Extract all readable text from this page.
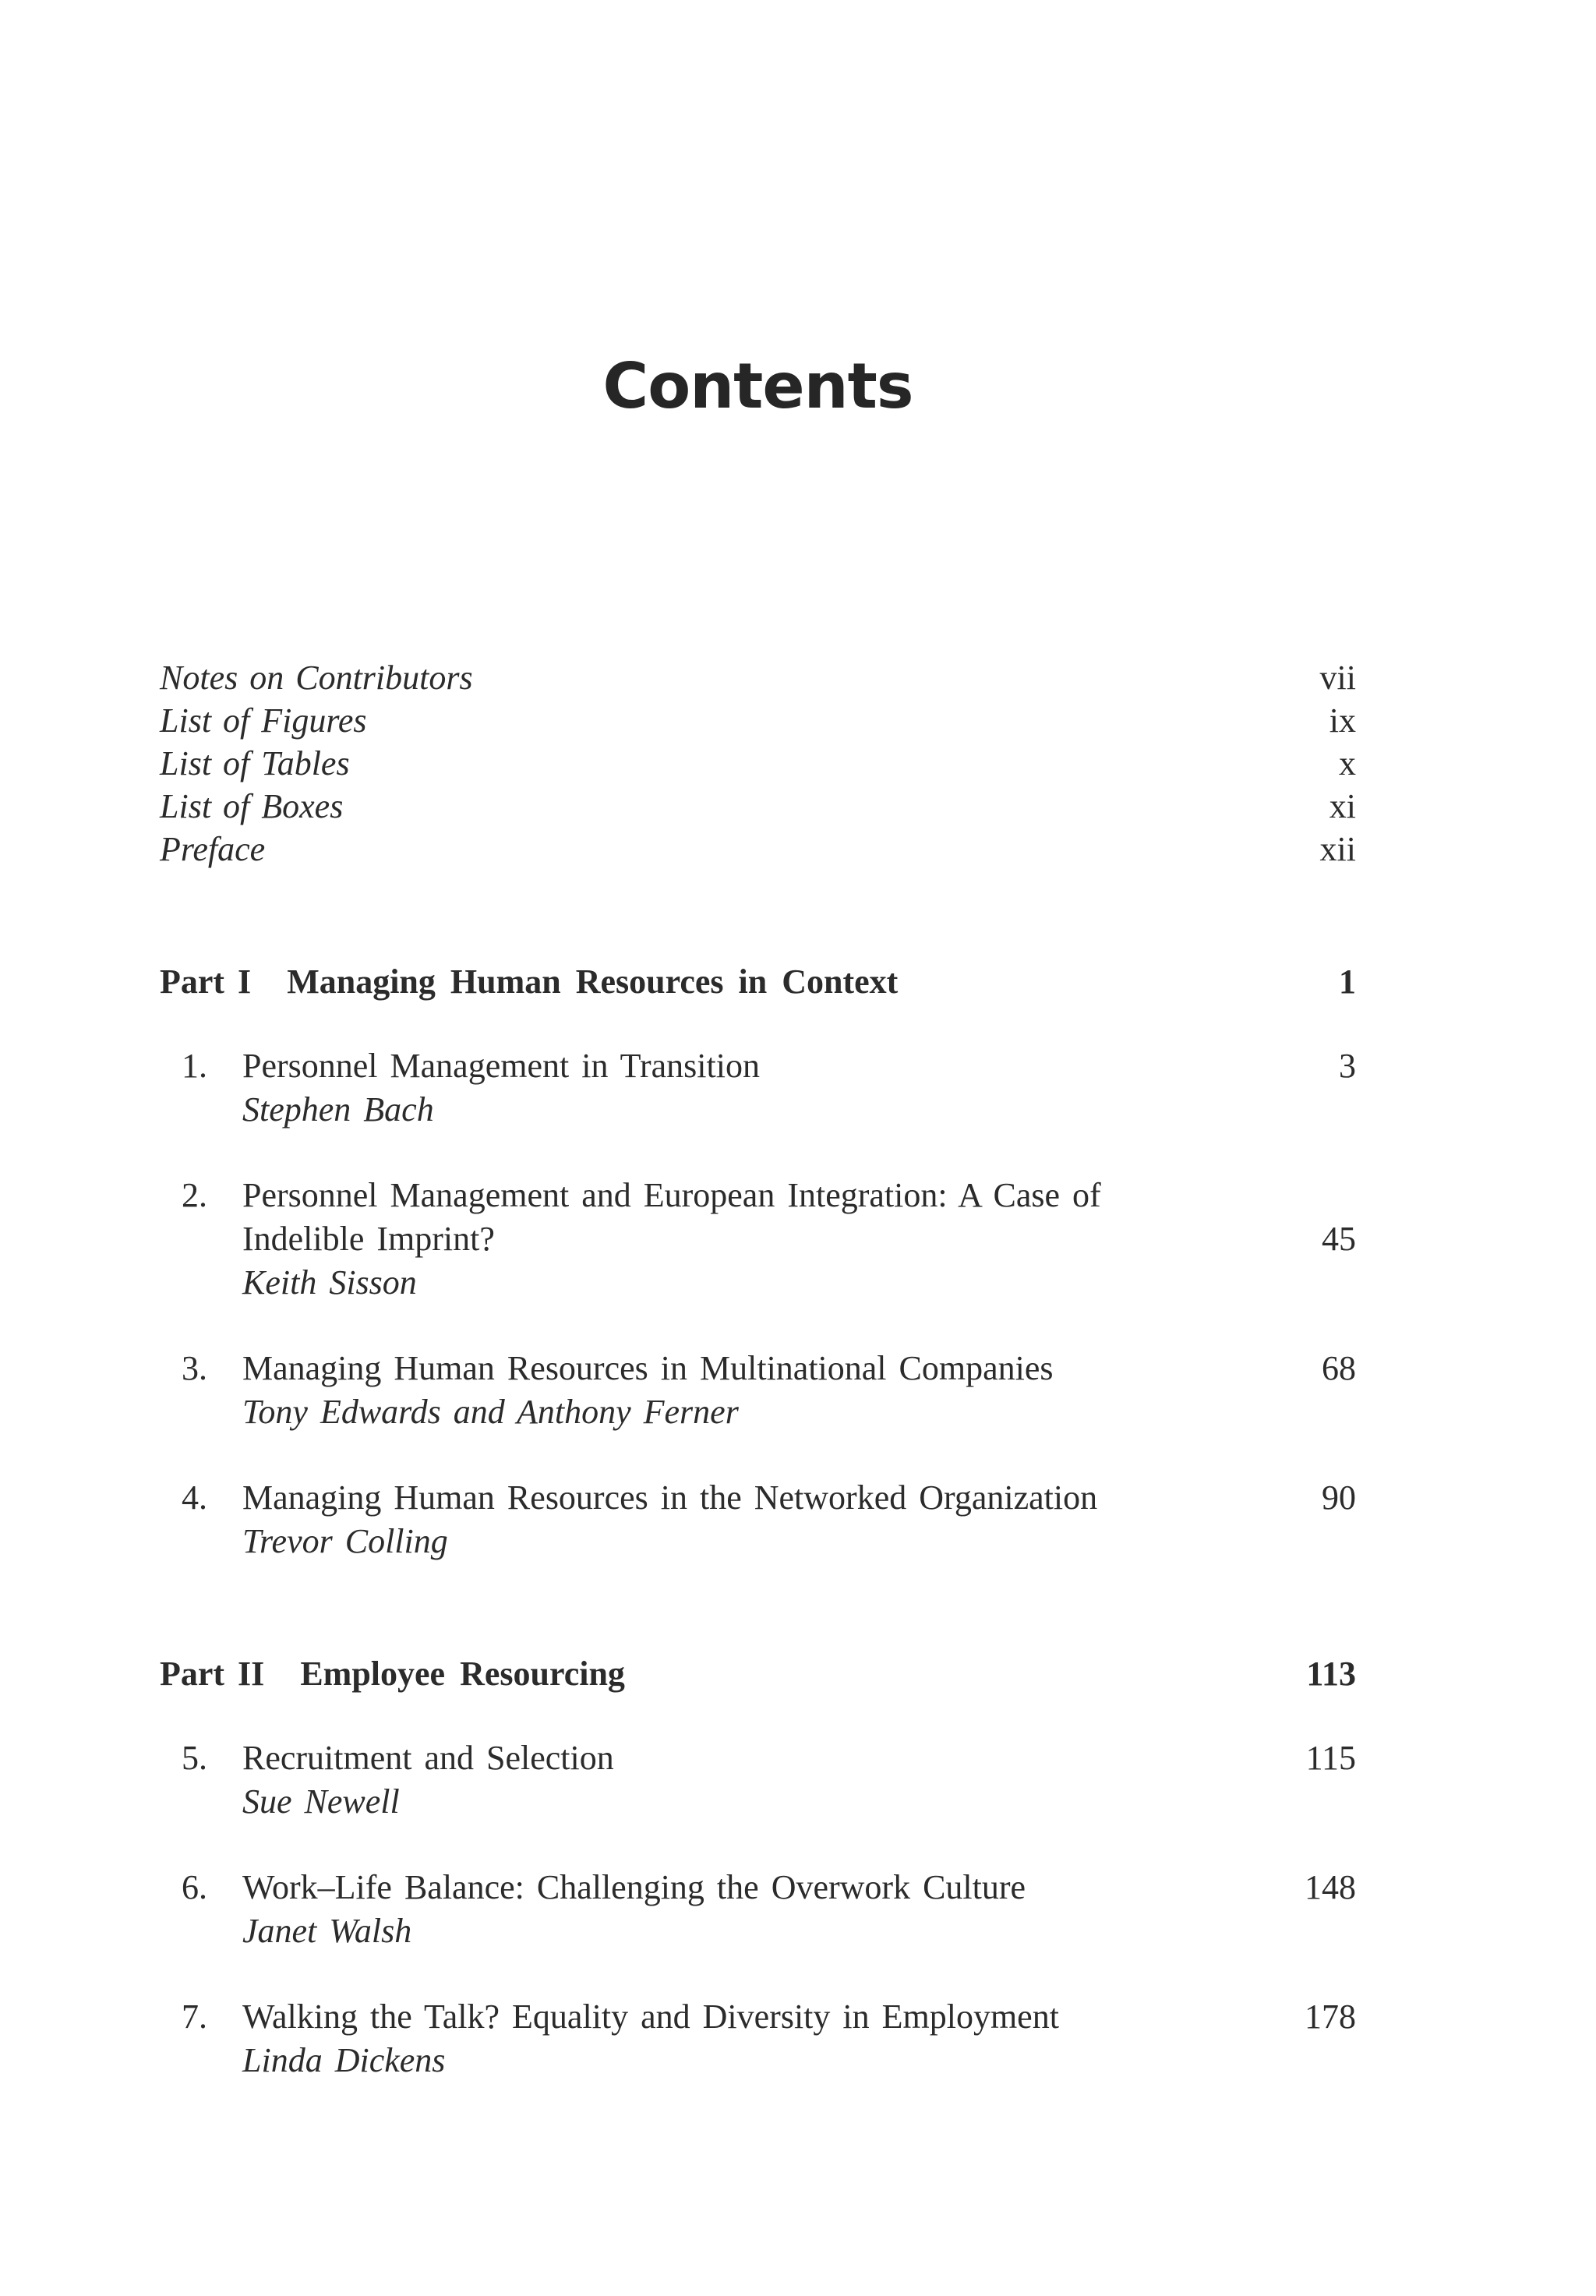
Contents
Notes on Contributors	vii
List of Figures	ix
List of Tables	x
List of Boxes	xi
Preface	xii
Part I Managing Human Resources in Context	1
1.	Personnel Management in Transition	3
Stephen Bach
2.	Personnel Management and European Integration: A Case of
Indelible Imprint?	45
Keith Sisson
3.	Managing Human Resources in Multinational Companies	68
Tony Edwards and Anthony Ferner
4.	Managing Human Resources in the Networked Organization	90
Trevor Colling
Part II Employee Resourcing	113
5.	Recruitment and Selection	115
Sue Newell
6.	Work–Life Balance: Challenging the Overwork Culture	148
Janet Walsh
7.	Walking the Talk? Equality and Diversity in Employment	178
Linda Dickens
